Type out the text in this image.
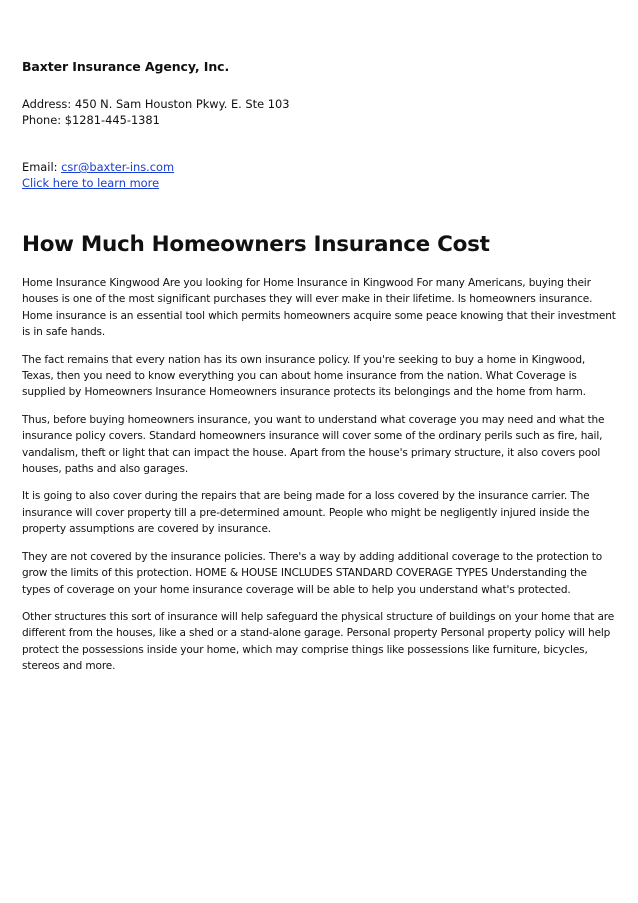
Baxter Insurance Agency, Inc.
Address: 450 N. Sam Houston Pkwy. E. Ste 103
Phone: $1281-445-1381
Email: csr@baxter-ins.com
Click here to learn more
How Much Homeowners Insurance Cost

Home Insurance Kingwood Are you looking for Home Insurance in Kingwood For many Americans, buying their houses is one of the most significant purchases they will ever make in their lifetime. Is homeowners insurance. Home insurance is an essential tool which permits homeowners acquire some peace knowing that their investment is in safe hands.

The fact remains that every nation has its own insurance policy. If you're seeking to buy a home in Kingwood, Texas, then you need to know everything you can about home insurance from the nation. What Coverage is supplied by Homeowners Insurance Homeowners insurance protects its belongings and the home from harm.

Thus, before buying homeowners insurance, you want to understand what coverage you may need and what the insurance policy covers. Standard homeowners insurance will cover some of the ordinary perils such as fire, hail, vandalism, theft or light that can impact the house. Apart from the house's primary structure, it also covers pool houses, paths and also garages.

It is going to also cover during the repairs that are being made for a loss covered by the insurance carrier. The insurance will cover property till a pre-determined amount. People who might be negligently injured inside the property assumptions are covered by insurance.

They are not covered by the insurance policies. There's a way by adding additional coverage to the protection to grow the limits of this protection. HOME & HOUSE INCLUDES STANDARD COVERAGE TYPES Understanding the types of coverage on your home insurance coverage will be able to help you understand what's protected.

Other structures this sort of insurance will help safeguard the physical structure of buildings on your home that are different from the houses, like a shed or a stand-alone garage. Personal property Personal property policy will help protect the possessions inside your home, which may comprise things like possessions like furniture, bicycles, stereos and more.
